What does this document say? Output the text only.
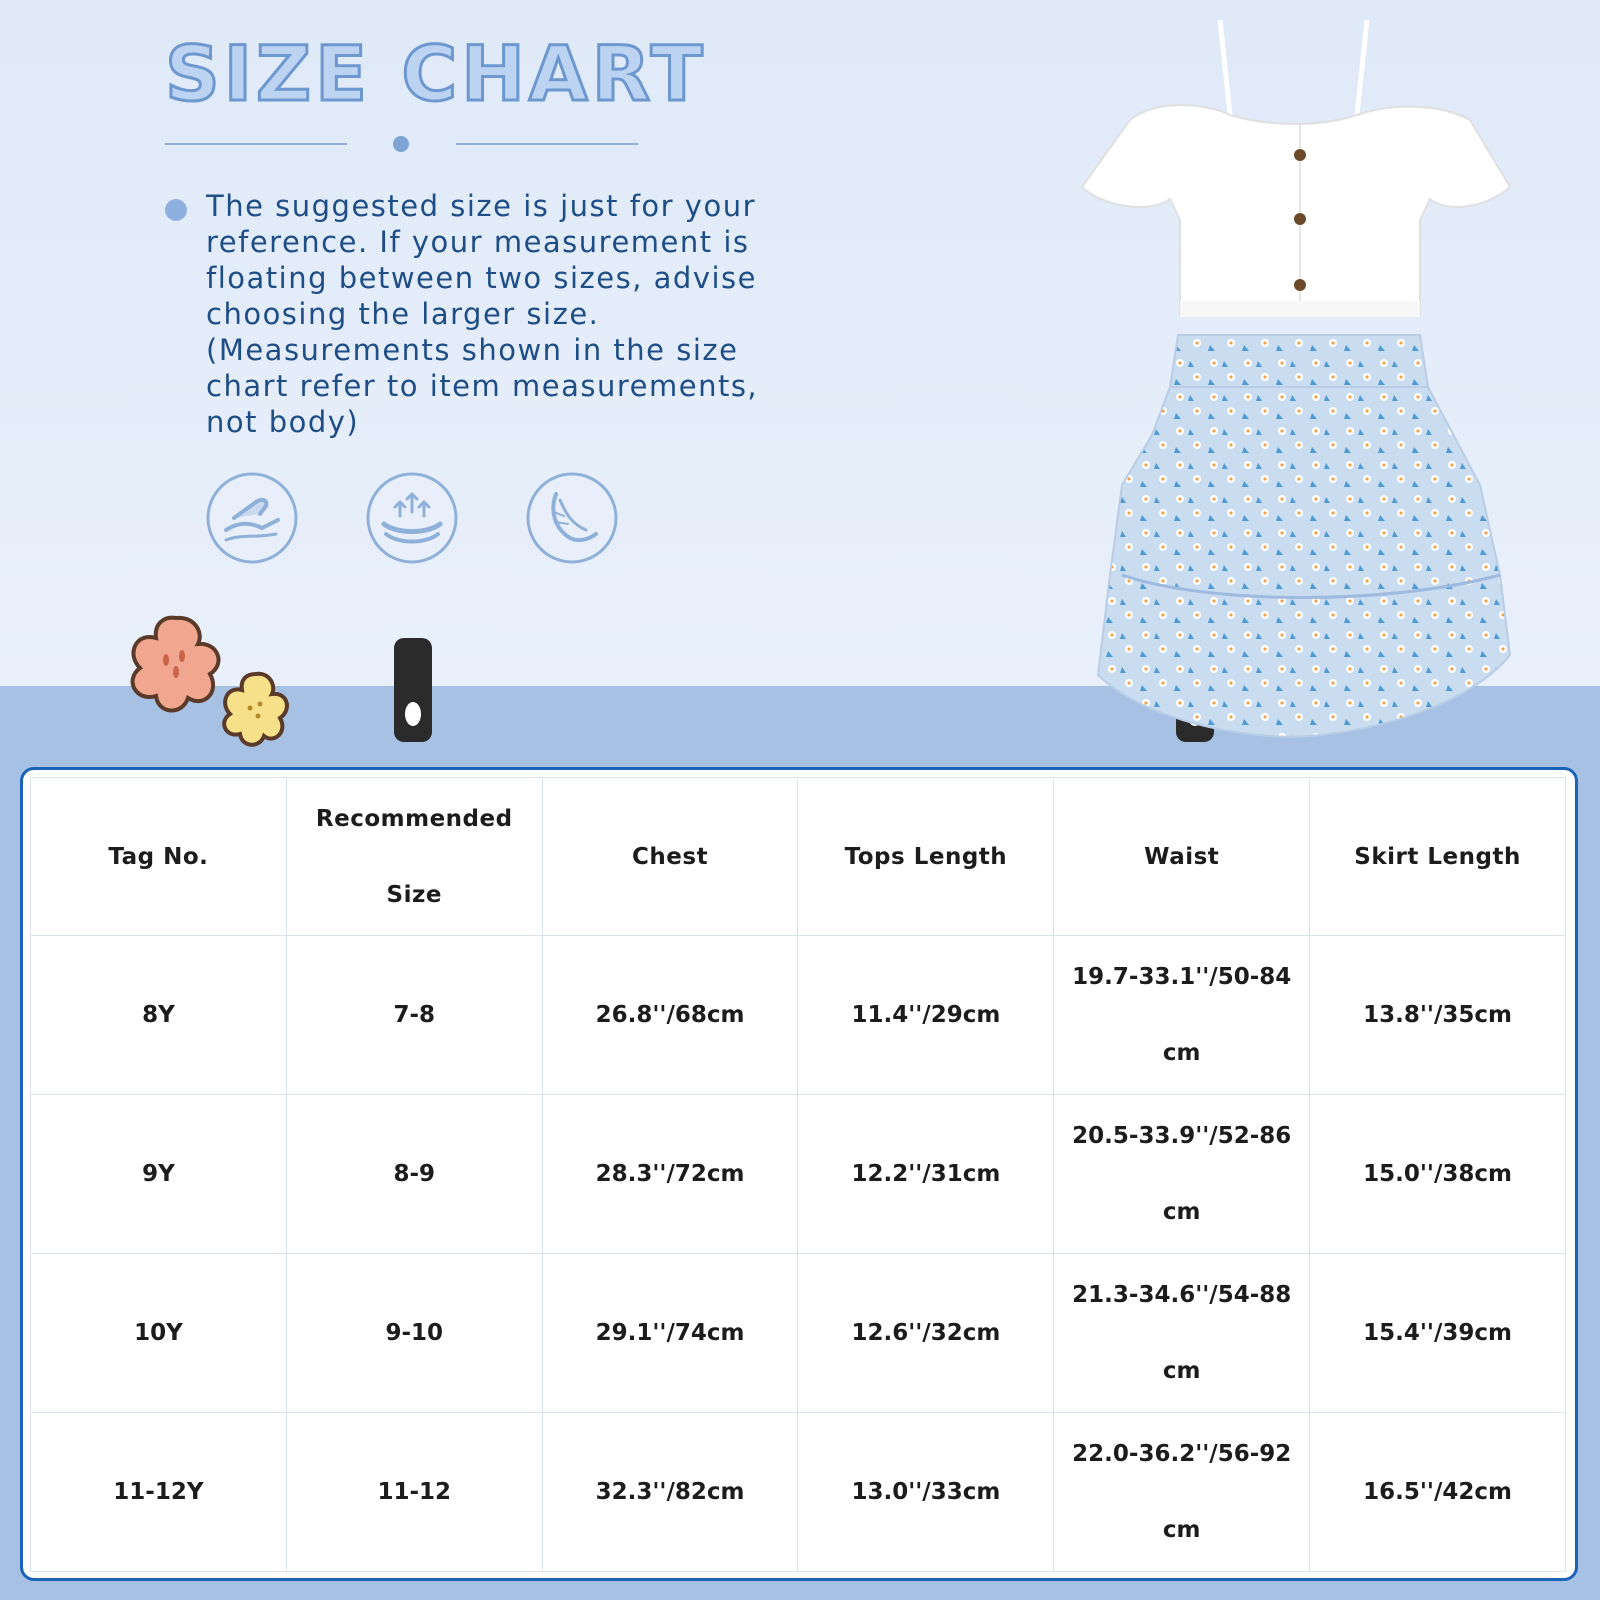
SIZE CHART
The suggested size is just for your
reference. If your measurement is
floating between two sizes, advise
choosing the larger size.
(Measurements shown in the size
chart refer to item measurements,
not body)
Tag No.	Recommended Size	Chest	Tops Length	Waist	Skirt Length
8Y	7-8	26.8''/68cm	11.4''/29cm	19.7-33.1''/50-84 cm	13.8''/35cm
9Y	8-9	28.3''/72cm	12.2''/31cm	20.5-33.9''/52-86 cm	15.0''/38cm
10Y	9-10	29.1''/74cm	12.6''/32cm	21.3-34.6''/54-88 cm	15.4''/39cm
11-12Y	11-12	32.3''/82cm	13.0''/33cm	22.0-36.2''/56-92 cm	16.5''/42cm
